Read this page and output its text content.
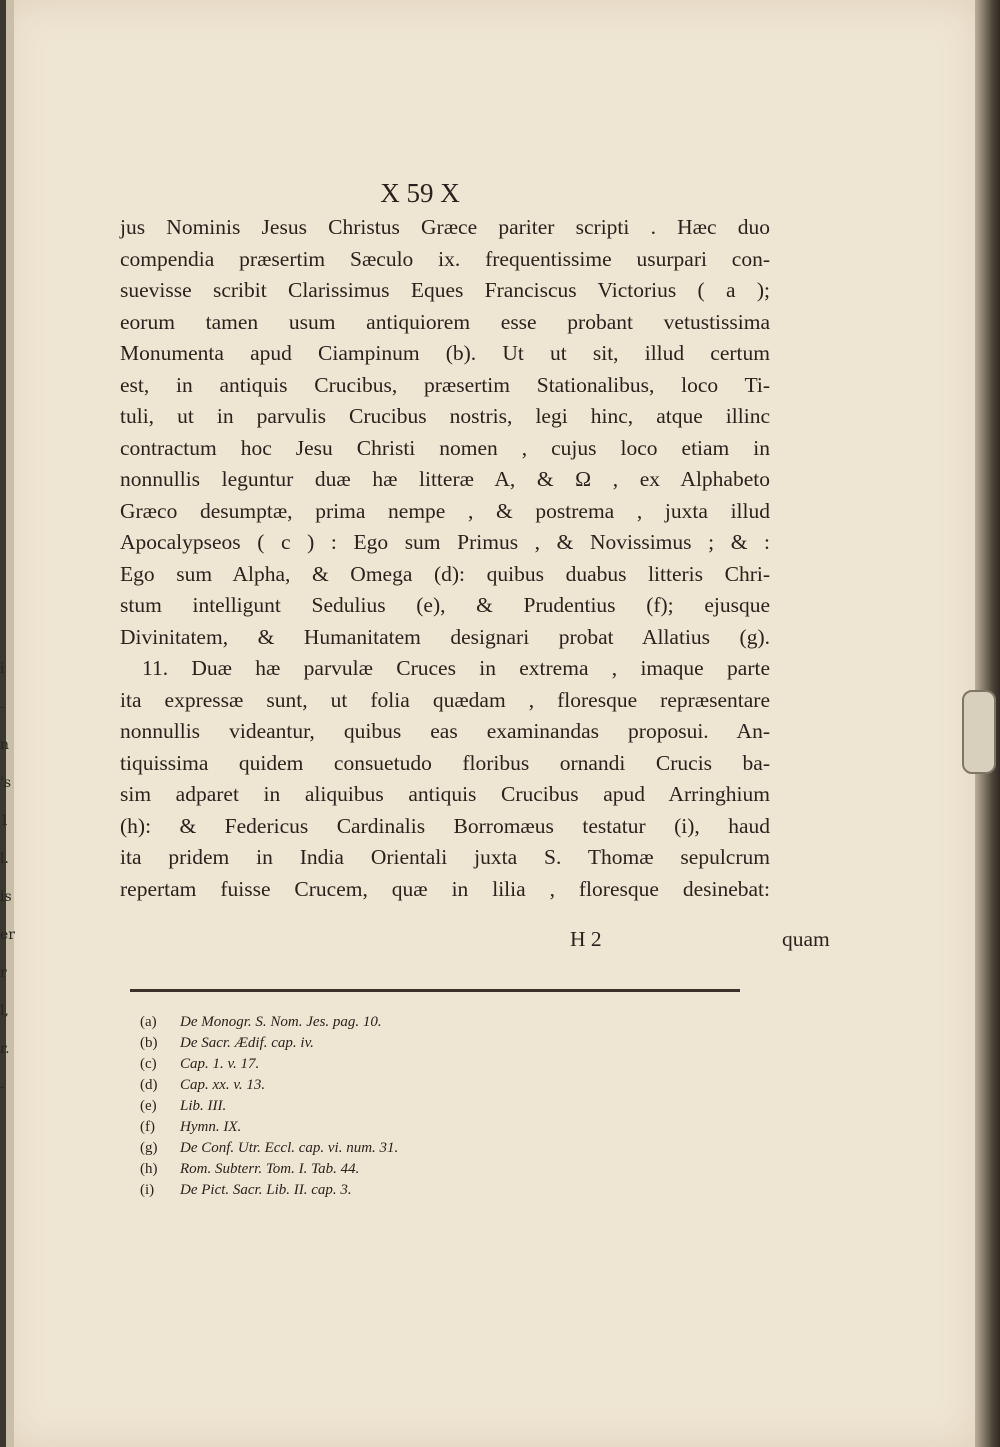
i
-
n
's
1
l.
is
er
r
l,
r.
-
X 59 X
jus Nominis Jesus Christus Græce pariter scripti . Hæc duo
compendia præsertim Sæculo ix. frequentissime usurpari con-
suevisse scribit Clarissimus Eques Franciscus Victorius ( a );
eorum tamen usum antiquiorem esse probant vetustissima
Monumenta apud Ciampinum (b). Ut ut sit, illud certum
est, in antiquis Crucibus, præsertim Stationalibus, loco Ti-
tuli, ut in parvulis Crucibus nostris, legi hinc, atque illinc
contractum hoc Jesu Christi nomen , cujus loco etiam in
nonnullis leguntur duæ hæ litteræ A, & Ω , ex Alphabeto
Græco desumptæ, prima nempe , & postrema , juxta illud
Apocalypseos ( c ) : Ego sum Primus , & Novissimus ; & :
Ego sum Alpha, & Omega (d): quibus duabus litteris Chri-
stum intelligunt Sedulius (e), & Prudentius (f); ejusque
Divinitatem, & Humanitatem designari probat Allatius (g).
11. Duæ hæ parvulæ Cruces in extrema , imaque parte
ita expressæ sunt, ut folia quædam , floresque repræsentare
nonnullis videantur, quibus eas examinandas proposui. An-
tiquissima quidem consuetudo floribus ornandi Crucis ba-
sim adparet in aliquibus antiquis Crucibus apud Arringhium
(h): & Federicus Cardinalis Borromæus testatur (i), haud
ita pridem in India Orientali juxta S. Thomæ sepulcrum
repertam fuisse Crucem, quæ in lilia , floresque desinebat:
H 2	quam
(a) De Monogr. S. Nom. Jes. pag. 10.
(b) De Sacr. Ædif. cap. iv.
(c) Cap. 1. v. 17.
(d) Cap. xx. v. 13.
(e) Lib. III.
(f) Hymn. IX.
(g) De Conf. Utr. Eccl. cap. vi. num. 31.
(h) Rom. Subterr. Tom. I. Tab. 44.
(i) De Pict. Sacr. Lib. II. cap. 3.
